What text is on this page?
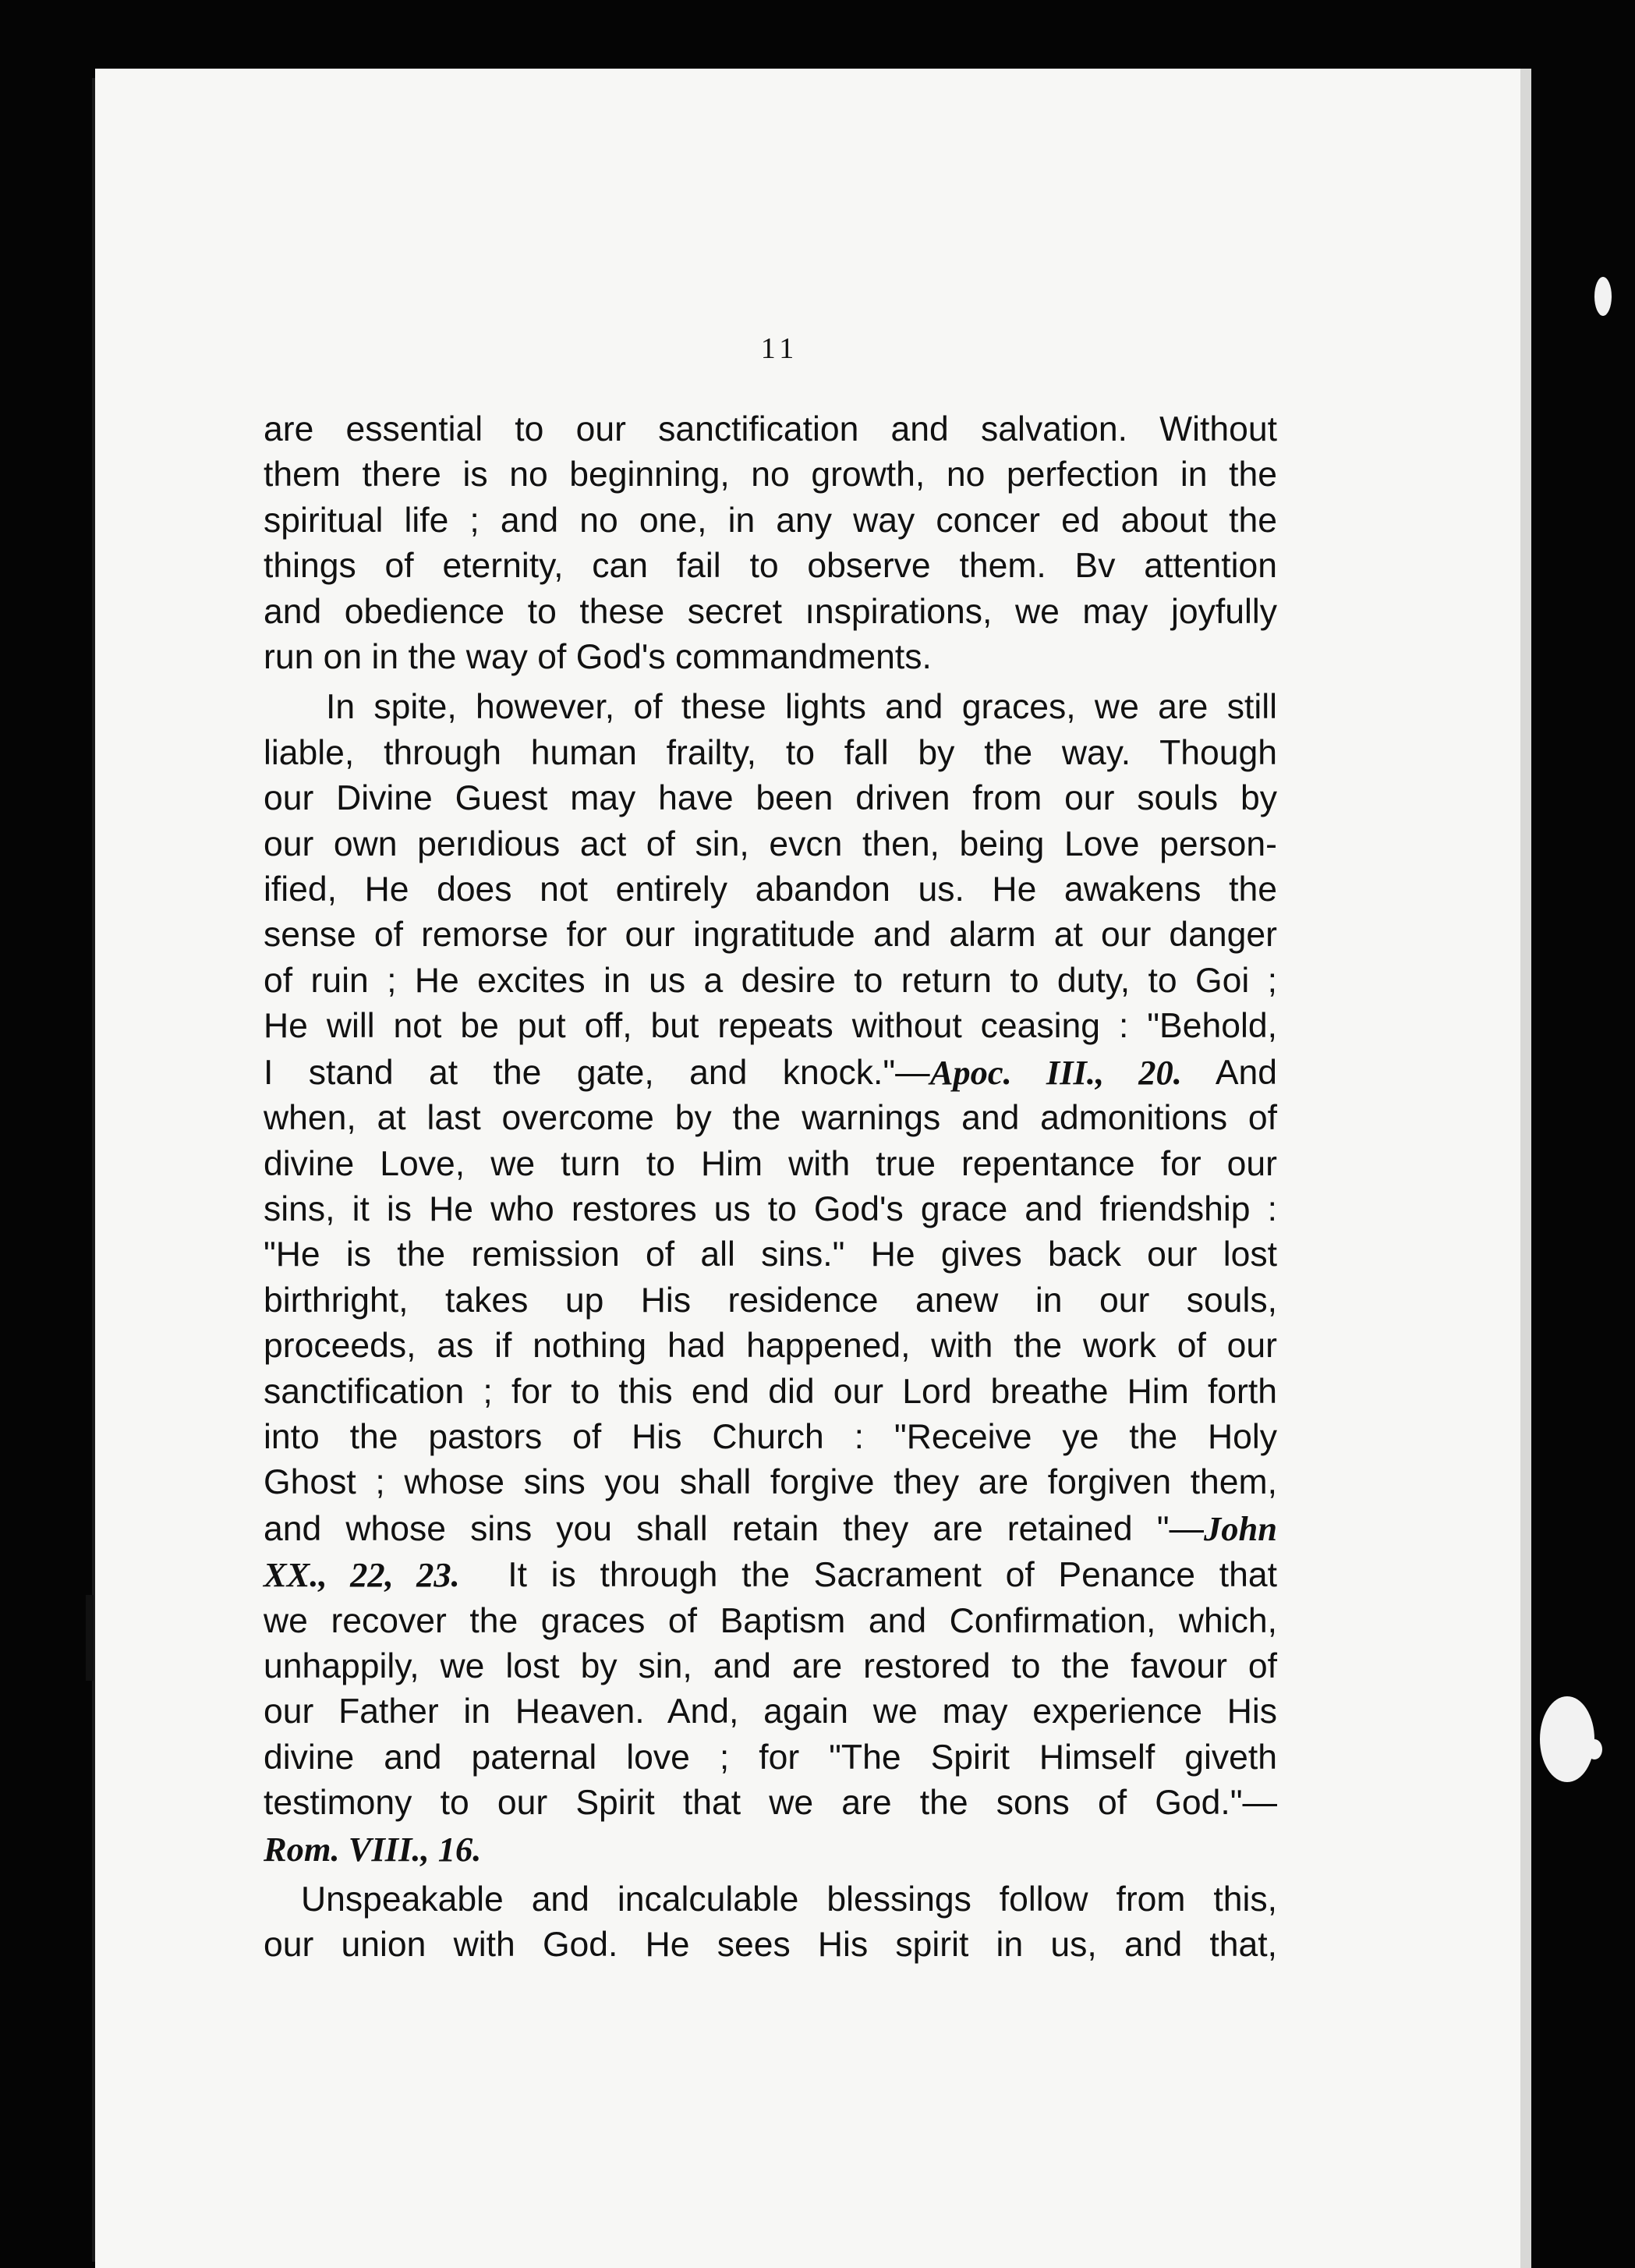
11
are essential to our sanctification and salvation. Without
them there is no beginning, no growth, no perfection in the
spiritual life ; and no one, in any way concer ed about the
things of eternity, can fail to observe them. Bv attention
and obedience to these secret ınspirations, we may joyfully
run on in the way of God's commandments.
In spite, however, of these lights and graces, we are still
liable, through human frailty, to fall by the way. Though
our Divine Guest may have been driven from our souls by
our own perıdious act of sin, evcn then, being Love person-
ified, He does not entirely abandon us. He awakens the
sense of remorse for our ingratitude and alarm at our danger
of ruin ; He excites in us a desire to return to duty, to Goi ;
He will not be put off, but repeats without ceasing : "Behold,
I stand at the gate, and knock."—Apoc. III., 20. And
when, at last overcome by the warnings and admonitions of
divine Love, we turn to Him with true repentance for our
sins, it is He who restores us to God's grace and friendship :
"He is the remission of all sins." He gives back our lost
birthright, takes up His residence anew in our souls,
proceeds, as if nothing had happened, with the work of our
sanctification ; for to this end did our Lord breathe Him forth
into the pastors of His Church : "Receive ye the Holy
Ghost ; whose sins you shall forgive they are forgiven them,
and whose sins you shall retain they are retained "—John
XX., 22, 23. It is through the Sacrament of Penance that
we recover the graces of Baptism and Confirmation, which,
unhappily, we lost by sin, and are restored to the favour of
our Father in Heaven. And, again we may experience His
divine and paternal love ; for "The Spirit Himself giveth
testimony to our Spirit that we are the sons of God."—
Rom. VIII., 16.
Unspeakable and incalculable blessings follow from this,
our union with God. He sees His spirit in us, and that,
